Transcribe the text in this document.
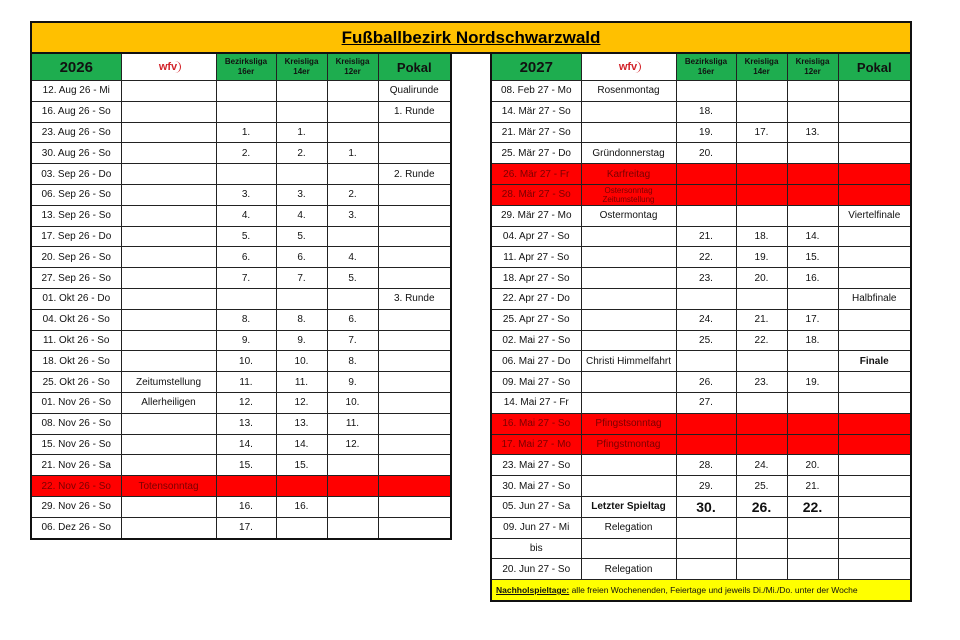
Fußballbezirk Nordschwarzwald
2026	wfv	Bezirksliga 16er	Kreisliga 14er	Kreisliga 12er	Pokal
12. Aug 26 - Mi					Qualirunde
16. Aug 26 - So					1. Runde
23. Aug 26 - So		1.	1.		
30. Aug 26 - So		2.	2.	1.	
03. Sep 26 - Do					2. Runde
06. Sep 26 - So		3.	3.	2.	
13. Sep 26 - So		4.	4.	3.	
17. Sep 26 - Do		5.	5.		
20. Sep 26 - So		6.	6.	4.	
27. Sep 26 - So		7.	7.	5.	
01. Okt 26 - Do					3. Runde
04. Okt 26 - So		8.	8.	6.	
11. Okt 26 - So		9.	9.	7.	
18. Okt 26 - So		10.	10.	8.	
25. Okt 26 - So	Zeitumstellung	11.	11.	9.	
01. Nov 26 - So	Allerheiligen	12.	12.	10.	
08. Nov 26 - So		13.	13.	11.	
15. Nov 26 - So		14.	14.	12.	
21. Nov 26 - Sa		15.	15.		
22. Nov 26 - So	Totensonntag				
29. Nov 26 - So		16.	16.		
06. Dez 26 - So		17.			
2027	wfv	Bezirksliga 16er	Kreisliga 14er	Kreisliga 12er	Pokal
08. Feb 27 - Mo	Rosenmontag				
14. Mär 27 - So		18.			
21. Mär 27 - So		19.	17.	13.	
25. Mär 27 - Do	Gründonnerstag	20.			
26. Mär 27 - Fr	Karfreitag				
28. Mär 27 - So	Ostersonntag Zeitumstellung				
29. Mär 27 - Mo	Ostermontag				Viertelfinale
04. Apr 27 - So		21.	18.	14.	
11. Apr 27 - So		22.	19.	15.	
18. Apr 27 - So		23.	20.	16.	
22. Apr 27 - Do					Halbfinale
25. Apr 27 - So		24.	21.	17.	
02. Mai 27 - So		25.	22.	18.	
06. Mai 27 - Do	Christi Himmelfahrt				Finale
09. Mai 27 - So		26.	23.	19.	
14. Mai 27 - Fr		27.			
16. Mai 27 - So	Pfingstsonntag				
17. Mai 27 - Mo	Pfingstmontag				
23. Mai 27 - So		28.	24.	20.	
30. Mai 27 - So		29.	25.	21.	
05. Jun 27 - Sa	Letzter Spieltag	30.	26.	22.	
09. Jun 27 - Mi	Relegation				
bis					
20. Jun 27 - So	Relegation				
Nachholspieltage: alle freien Wochenenden, Feiertage und jeweils Di./Mi./Do. unter der Woche					
